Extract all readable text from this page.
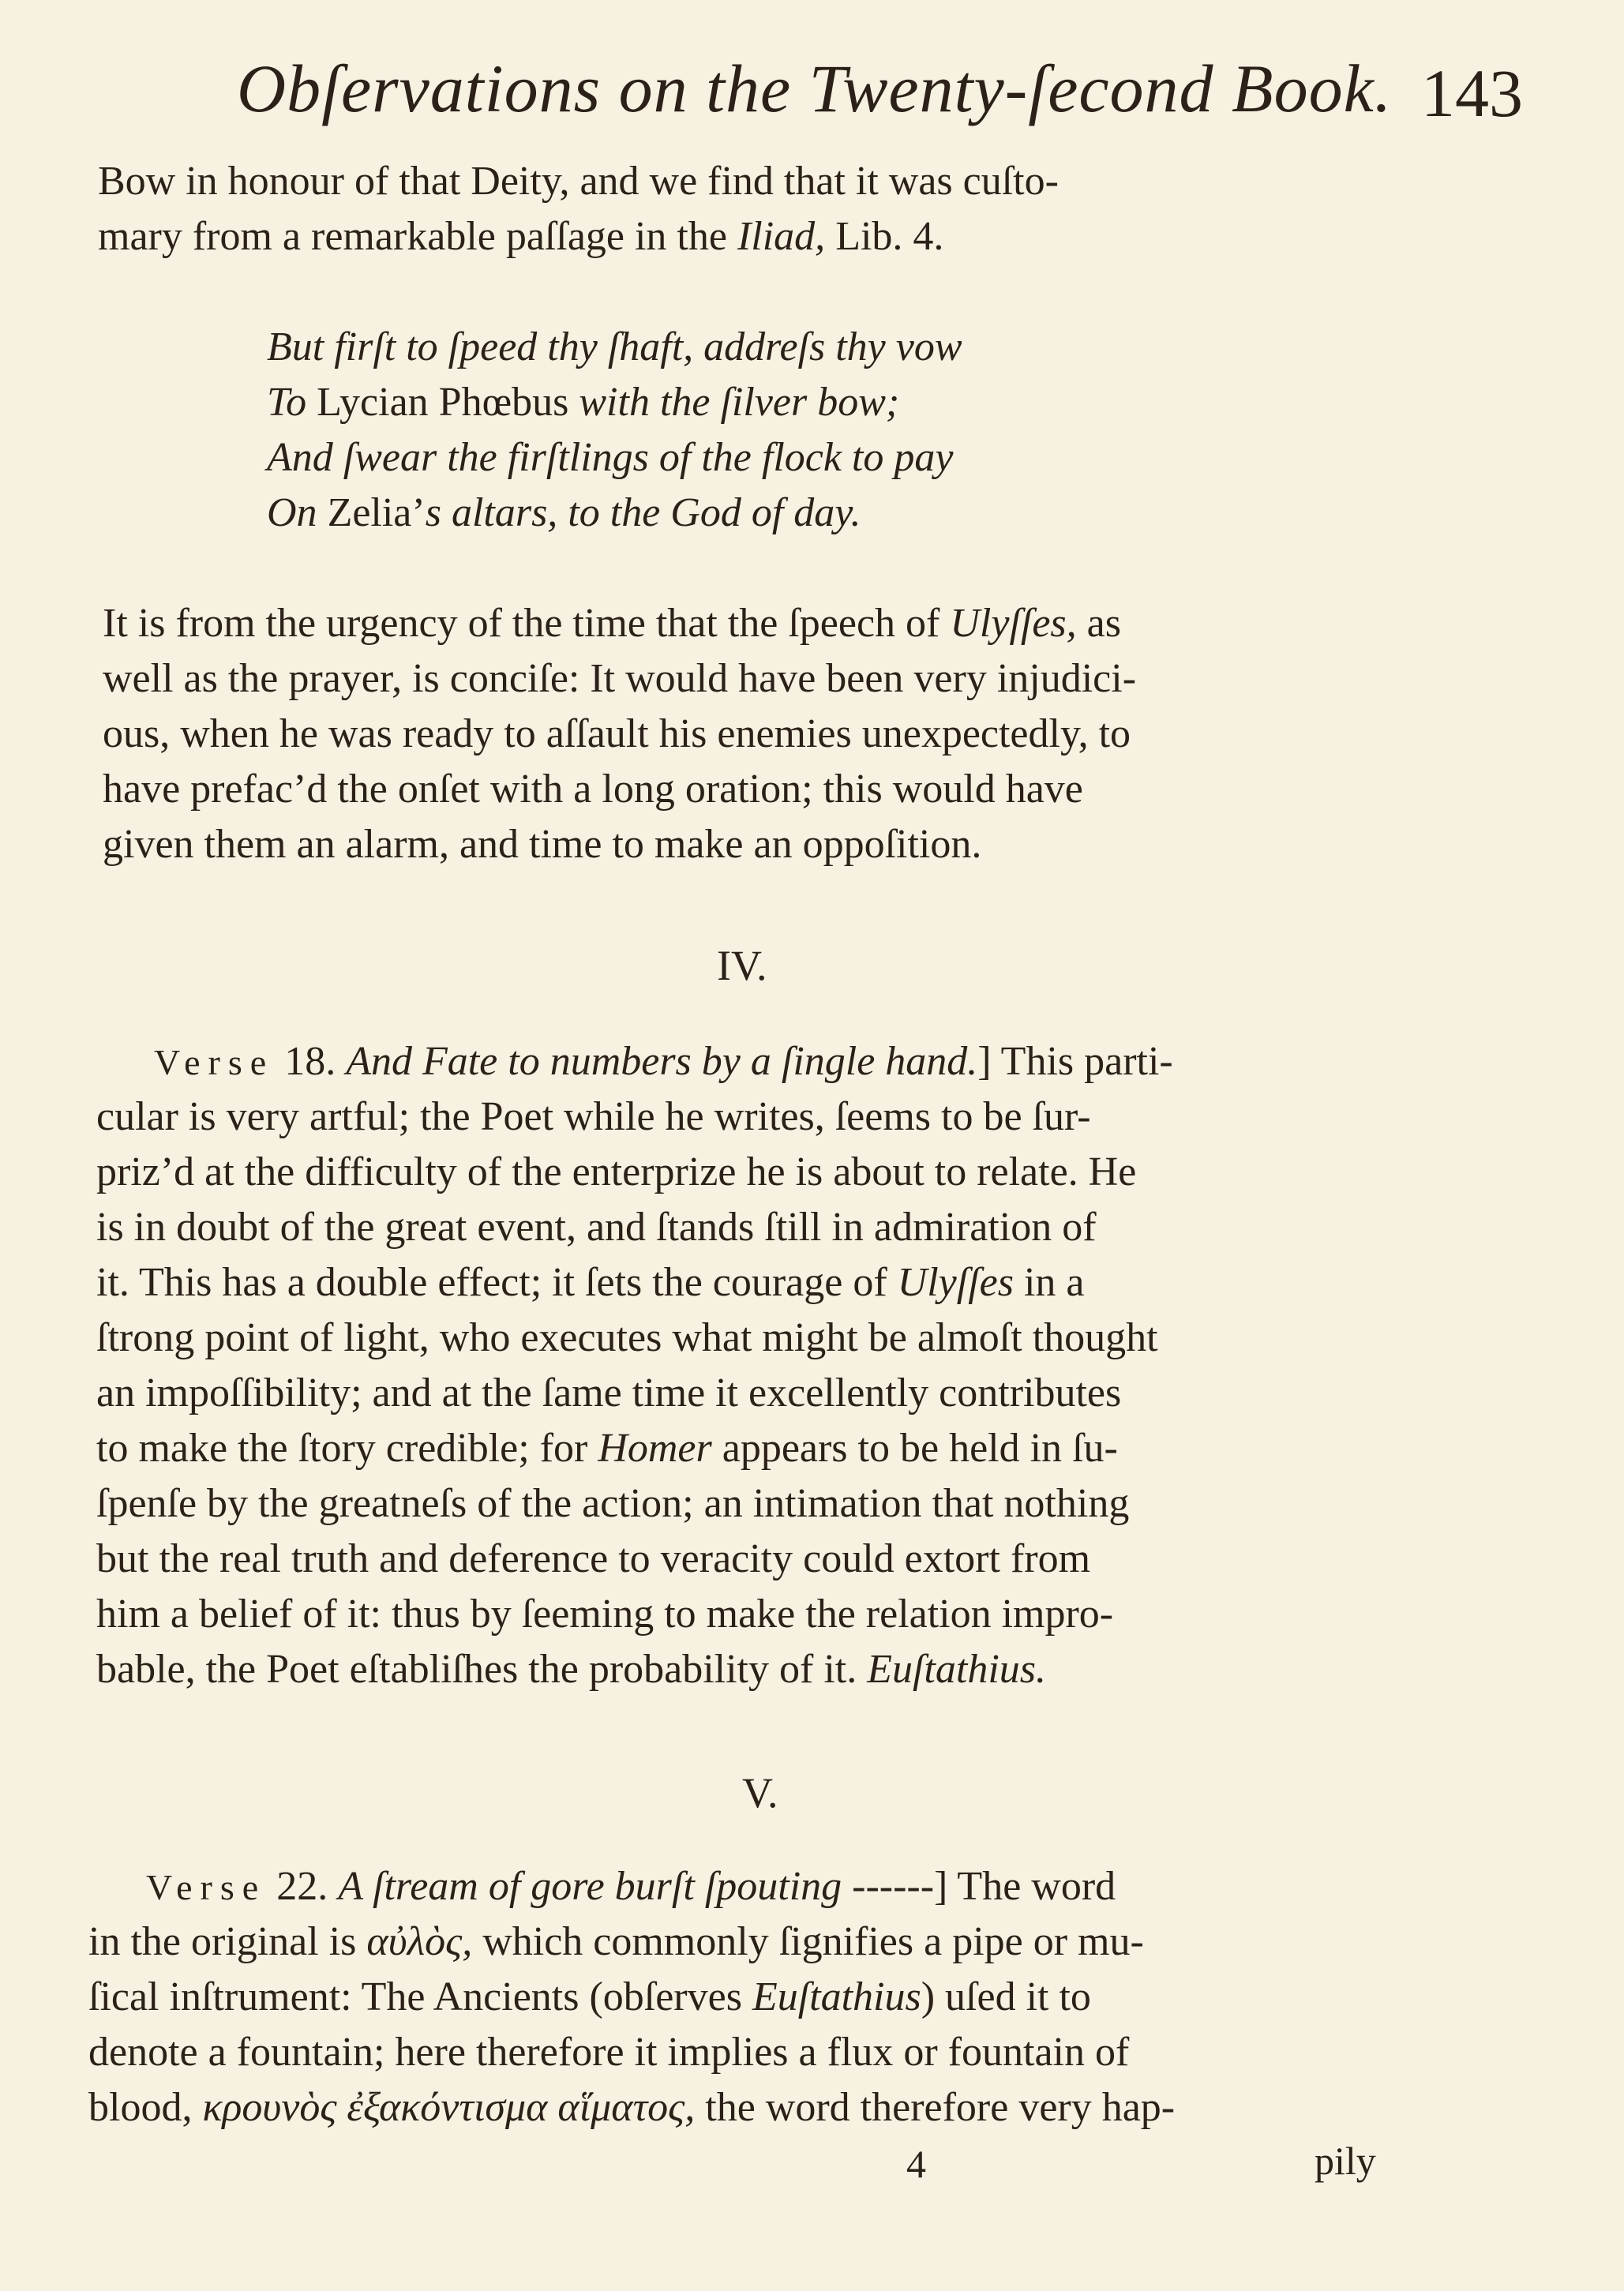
Obſervations on the Twenty-ſecond Book. 143
Bow in honour of that Deity, and we find that it was cuſto-
mary from a remarkable paſſage in the Iliad, Lib. 4.
But firſt to ſpeed thy ſhaft, addreſs thy vow
To Lycian Phœbus with the ſilver bow;
And ſwear the firſtlings of the flock to pay
On Zelia’s altars, to the God of day.
It is from the urgency of the time that the ſpeech of Ulyſſes, as
well as the prayer, is conciſe: It would have been very injudici-
ous, when he was ready to aſſault his enemies unexpectedly, to
have prefac’d the onſet with a long oration; this would have
given them an alarm, and time to make an oppoſition.
IV.
Verse 18. And Fate to numbers by a ſingle hand.] This parti-
cular is very artful; the Poet while he writes, ſeems to be ſur-
priz’d at the difficulty of the enterprize he is about to relate. He
is in doubt of the great event, and ſtands ſtill in admiration of
it. This has a double effect; it ſets the courage of Ulyſſes in a
ſtrong point of light, who executes what might be almoſt thought
an impoſſibility; and at the ſame time it excellently contributes
to make the ſtory credible; for Homer appears to be held in ſu-
ſpenſe by the greatneſs of the action; an intimation that nothing
but the real truth and deference to veracity could extort from
him a belief of it: thus by ſeeming to make the relation impro-
bable, the Poet eſtabliſhes the probability of it. Euſtathius.
V.
Verse 22. A ſtream of gore burſt ſpouting ------] The word
in the original is αὐλὸς, which commonly ſignifies a pipe or mu-
ſical inſtrument: The Ancients (obſerves Euſtathius) uſed it to
denote a fountain; here therefore it implies a flux or fountain of
blood, κρουνὸς ἐξακόντισμα αἵματος, the word therefore very hap-
4	pily
